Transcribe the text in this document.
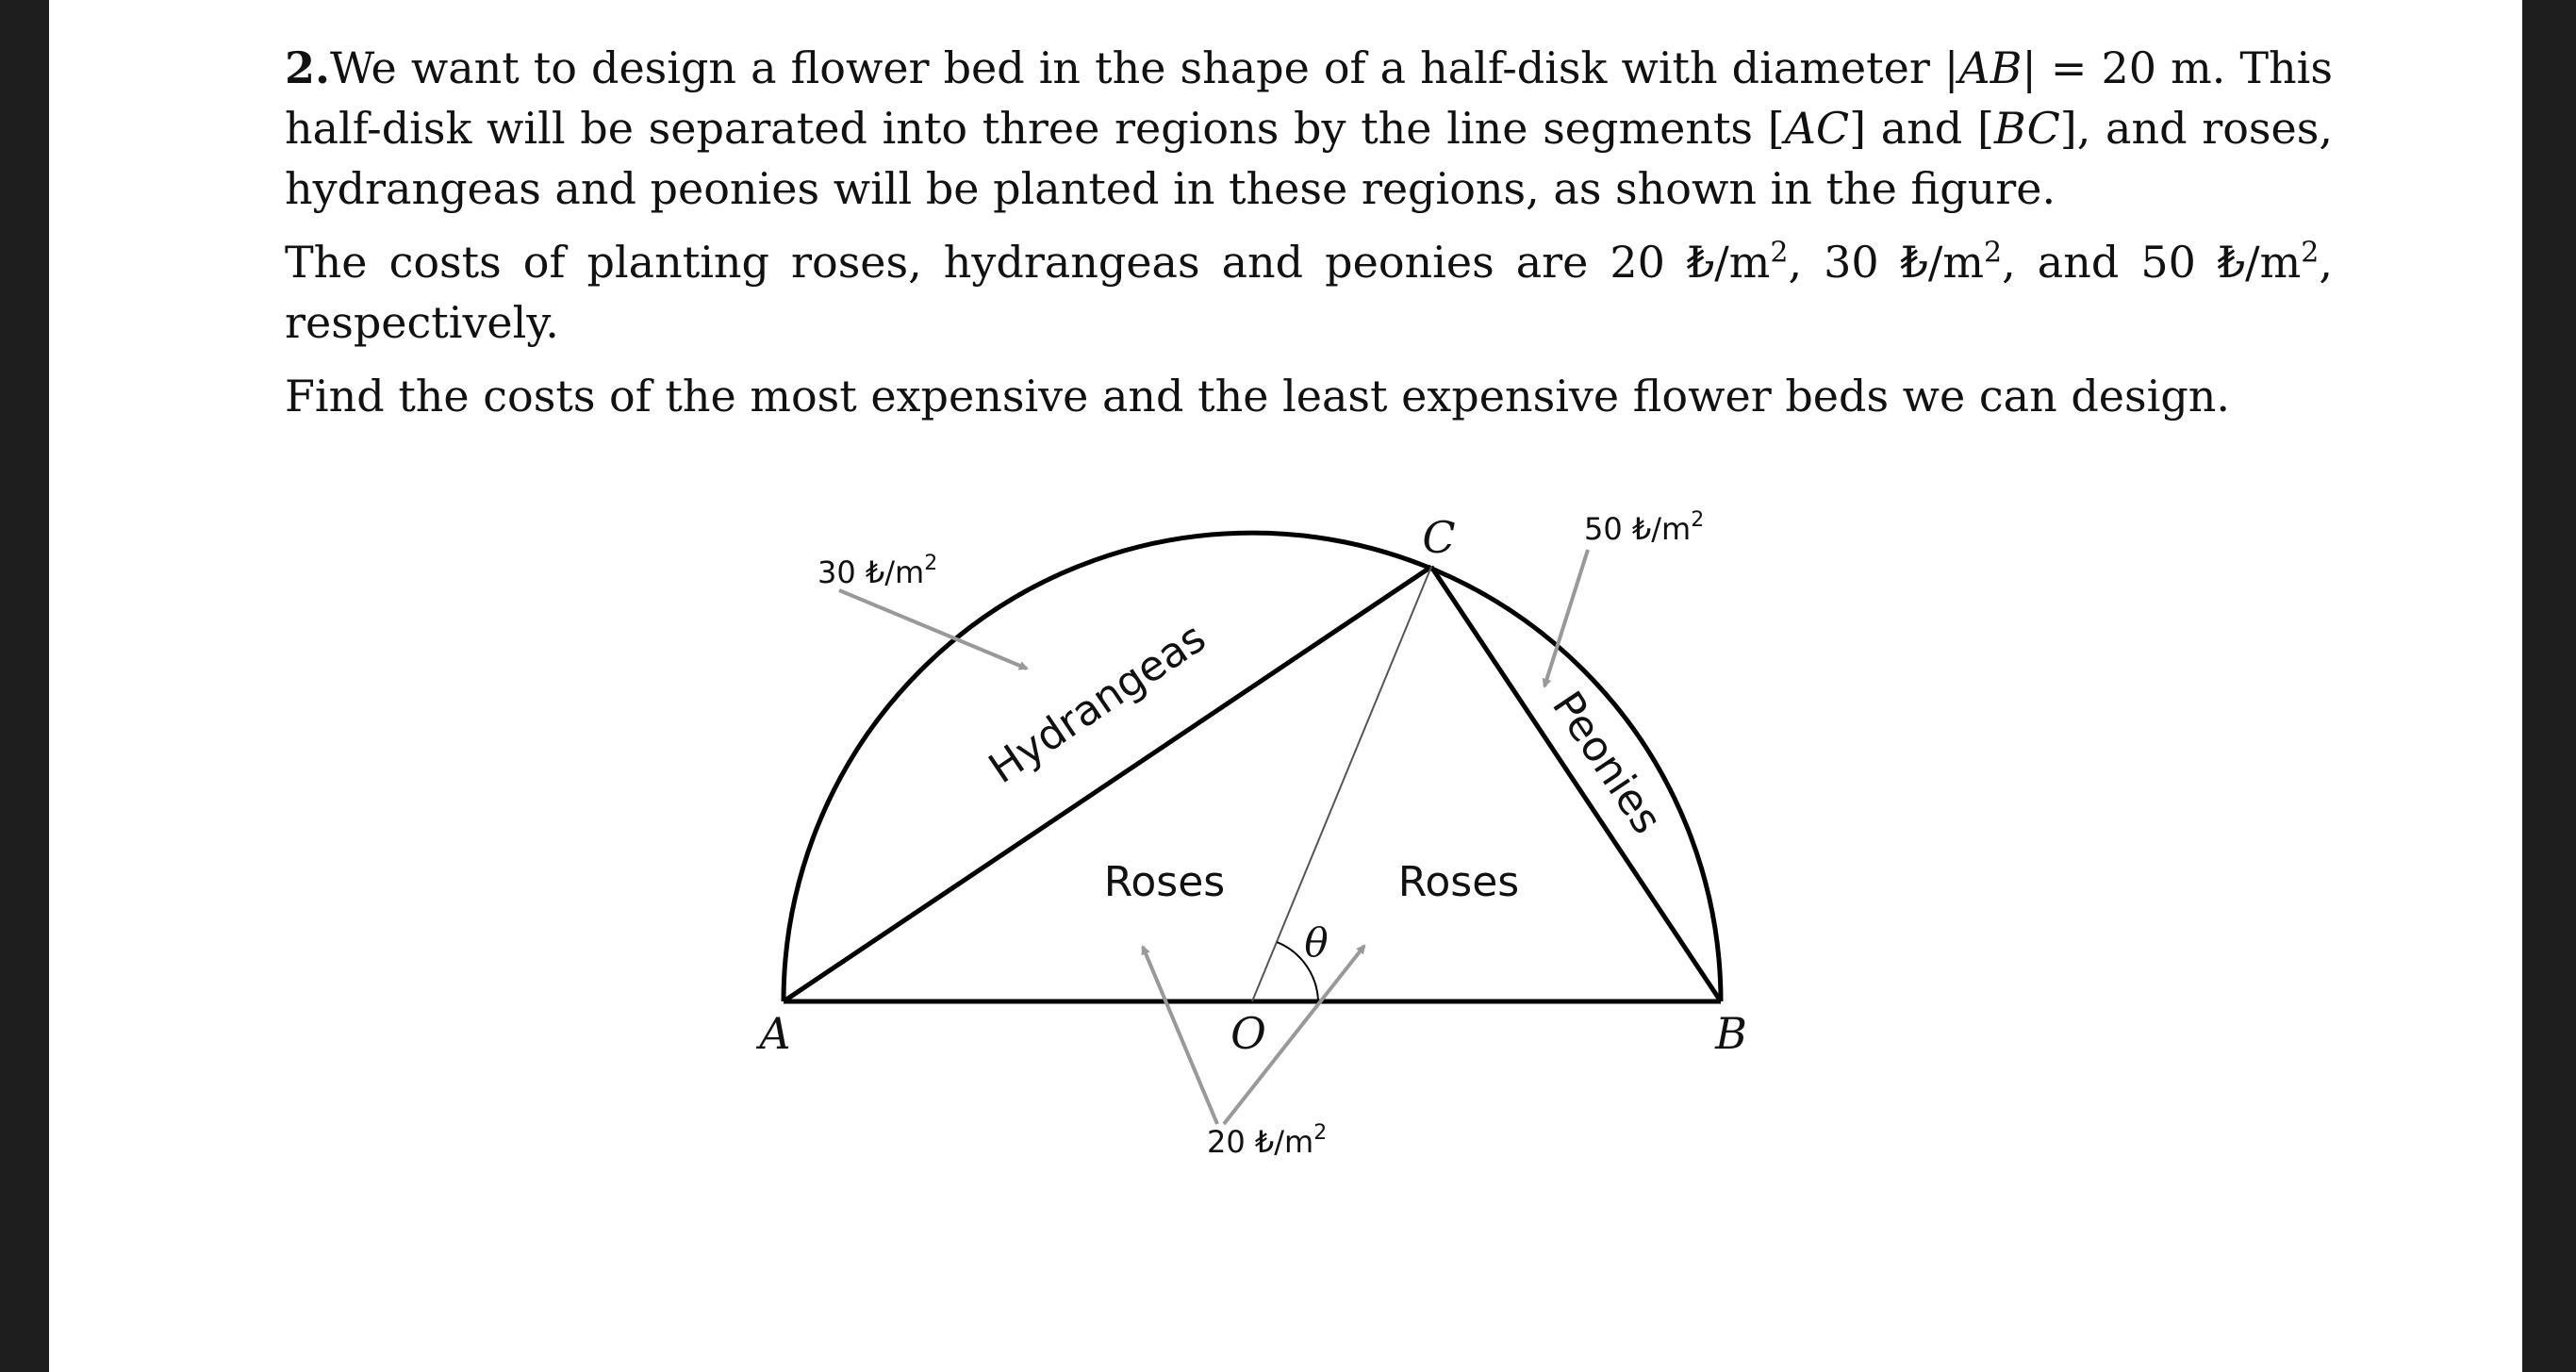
2.We want to design a flower bed in the shape of a half-disk with diameter |AB| = 20 m. This half-disk will be separated into three regions by the line segments [AC] and [BC], and roses, hydrangeas and peonies will be planted in these regions, as shown in the figure.

The costs of planting roses, hydrangeas and peonies are 20 $₺/m^2$, 30 $₺/m^2$, and 50 $₺/m^2$, respectively.

Find the costs of the most expensive and the least expensive flower beds we can design.

A	O	B
C
θ
Roses	Roses
Hydrangeas	Peonies
30 $₺/m^2$
50 $₺/m^2$
20 $₺/m^2$
